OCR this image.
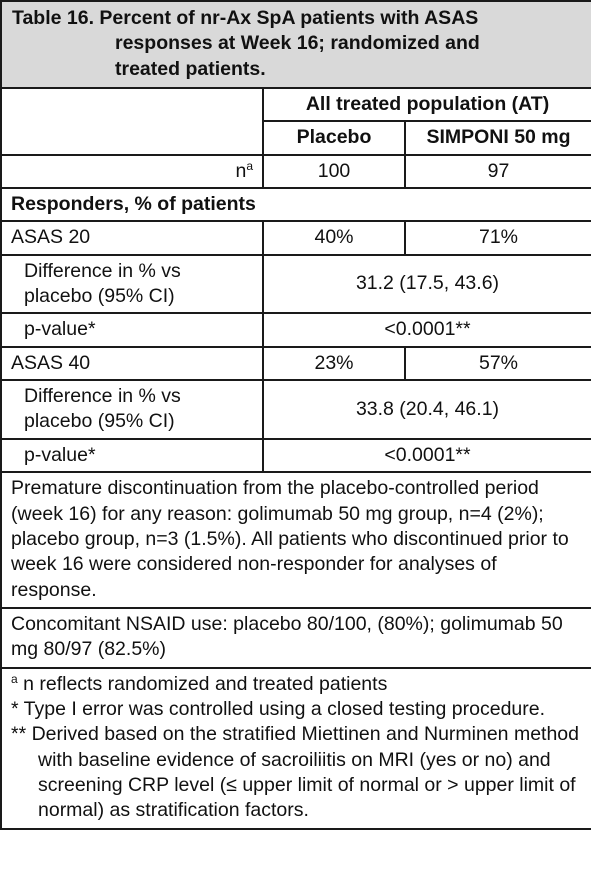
Table 16. Percent of nr-Ax SpA patients with ASAS
responses at Week 16; randomized and
treated patients.		

	All treated population (AT)	
	Placebo	SIMPONI 50 mg
$n^a$	100	97
Responders, % of patients		
ASAS 20	40%	71%

Difference in % vs
placebo (95% CI)	31.2 (17.5, 43.6)	
p-value*	<0.0001**	
ASAS 40	23%	57%

Difference in % vs
placebo (95% CI)	33.8 (20.4, 46.1)	
p-value*	<0.0001**	
Premature discontinuation from the placebo-controlled period (week 16) for any reason: golimumab 50 mg group, n=4 (2%); placebo group, n=3 (1.5%). All patients who discontinued prior to week 16 were considered non-responder for analyses of response.		
Concomitant NSAID use: placebo 80/100, (80%); golimumab 50 mg 80/97 (82.5%)		

$^a$ n reflects randomized and treated patients
* Type I error was controlled using a closed testing procedure.
** Derived based on the stratified Miettinen and Nurminen method with baseline evidence of sacroiliitis on MRI (yes or no) and screening CRP level (≤ upper limit of normal or > upper limit of normal) as stratification factors.		
